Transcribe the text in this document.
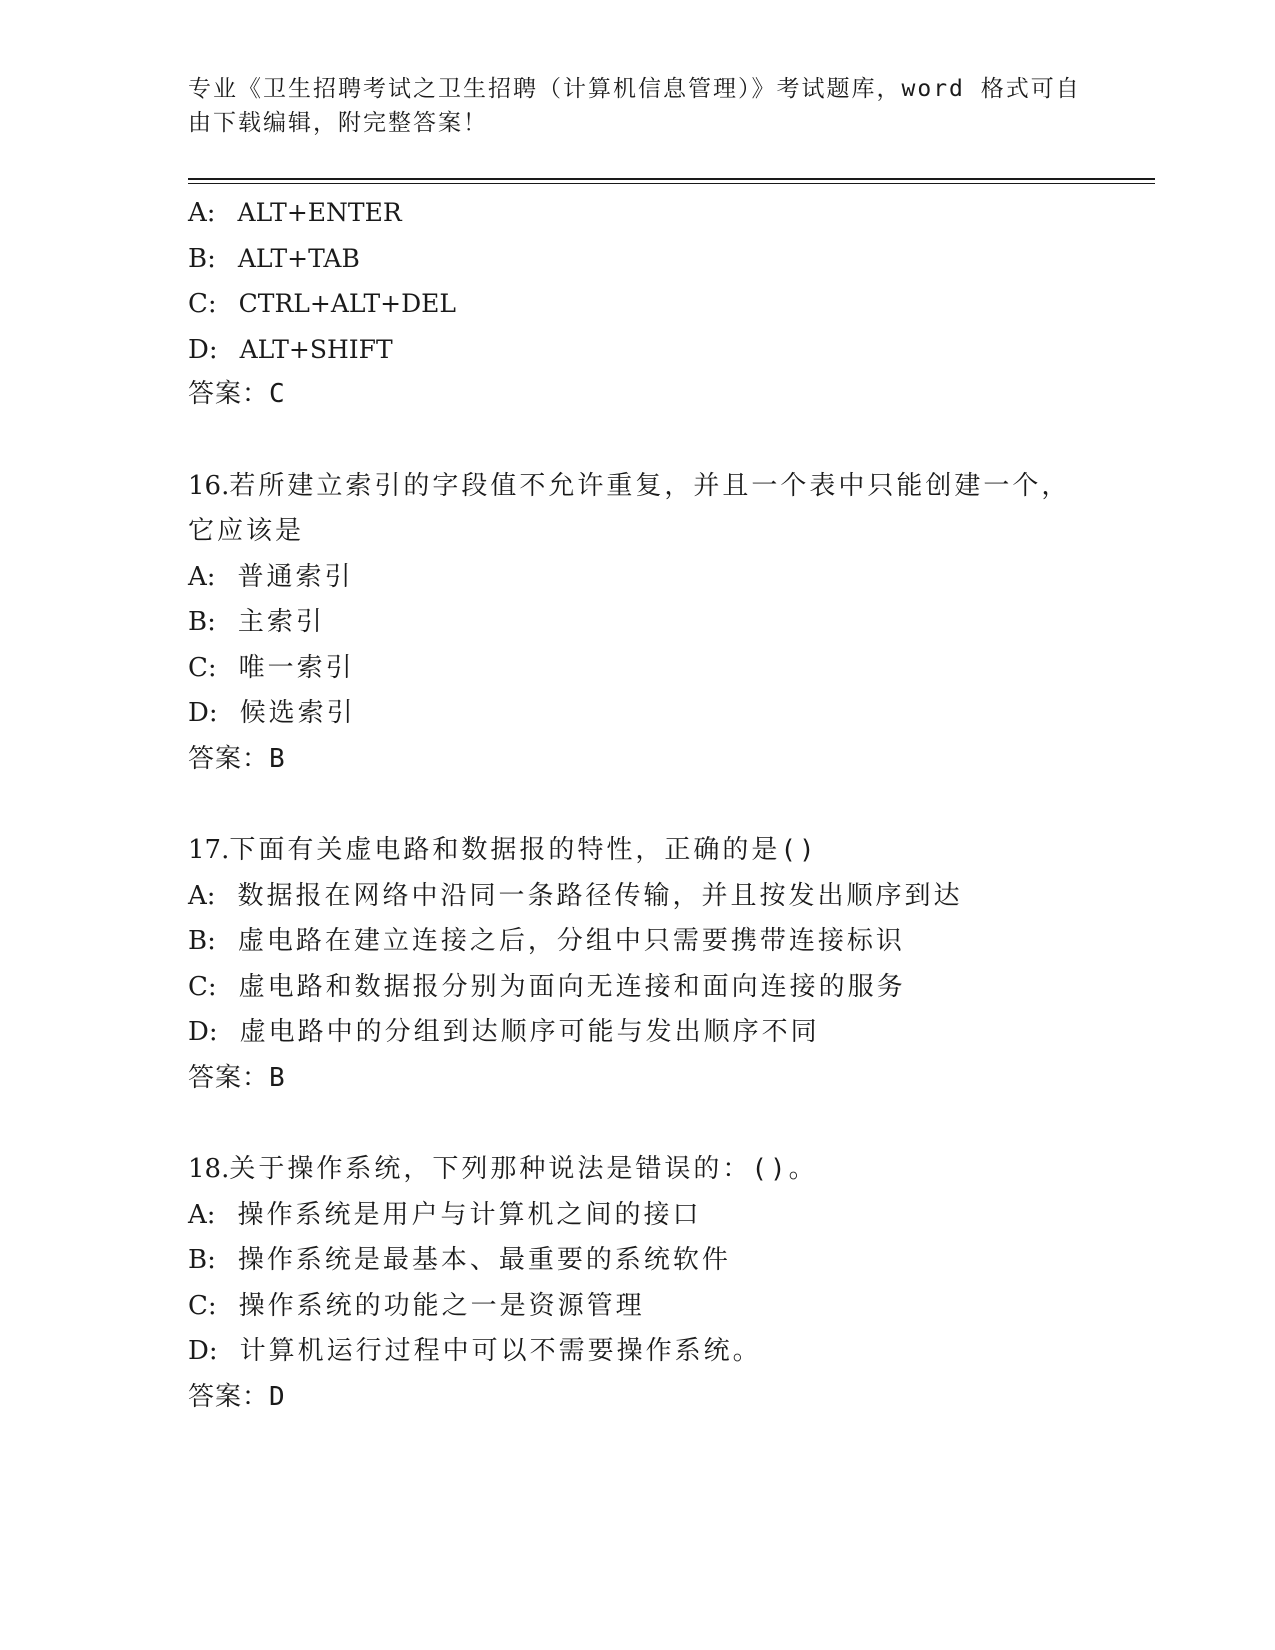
专业《卫生招聘考试之卫生招聘（计算机信息管理）》考试题库，word 格式可自
由下载编辑，附完整答案！
A: ALT+ENTER
B: ALT+TAB
C: CTRL+ALT+DEL
D: ALT+SHIFT
答案：C
16.若所建立索引的字段值不允许重复，并且一个表中只能创建一个，
它应该是
A: 普通索引
B: 主索引
C: 唯一索引
D: 候选索引
答案：B
17.下面有关虚电路和数据报的特性，正确的是()
A: 数据报在网络中沿同一条路径传输，并且按发出顺序到达
B: 虚电路在建立连接之后，分组中只需要携带连接标识
C: 虚电路和数据报分别为面向无连接和面向连接的服务
D: 虚电路中的分组到达顺序可能与发出顺序不同
答案：B
18.关于操作系统，下列那种说法是错误的：()。
A: 操作系统是用户与计算机之间的接口
B: 操作系统是最基本、最重要的系统软件
C: 操作系统的功能之一是资源管理
D: 计算机运行过程中可以不需要操作系统。
答案：D
